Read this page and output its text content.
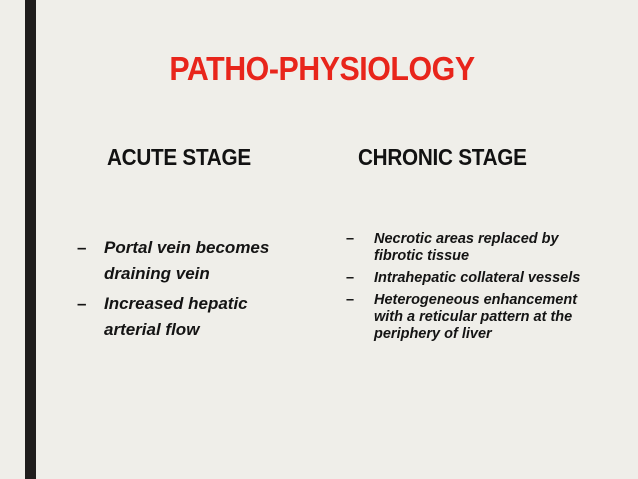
PATHO-PHYSIOLOGY
ACUTE STAGE	CHRONIC STAGE
– Portal vein becomes draining vein
– Increased hepatic arterial flow
– Necrotic areas replaced by fibrotic tissue
– Intrahepatic collateral vessels
– Heterogeneous enhancement with a reticular pattern at the periphery of liver
